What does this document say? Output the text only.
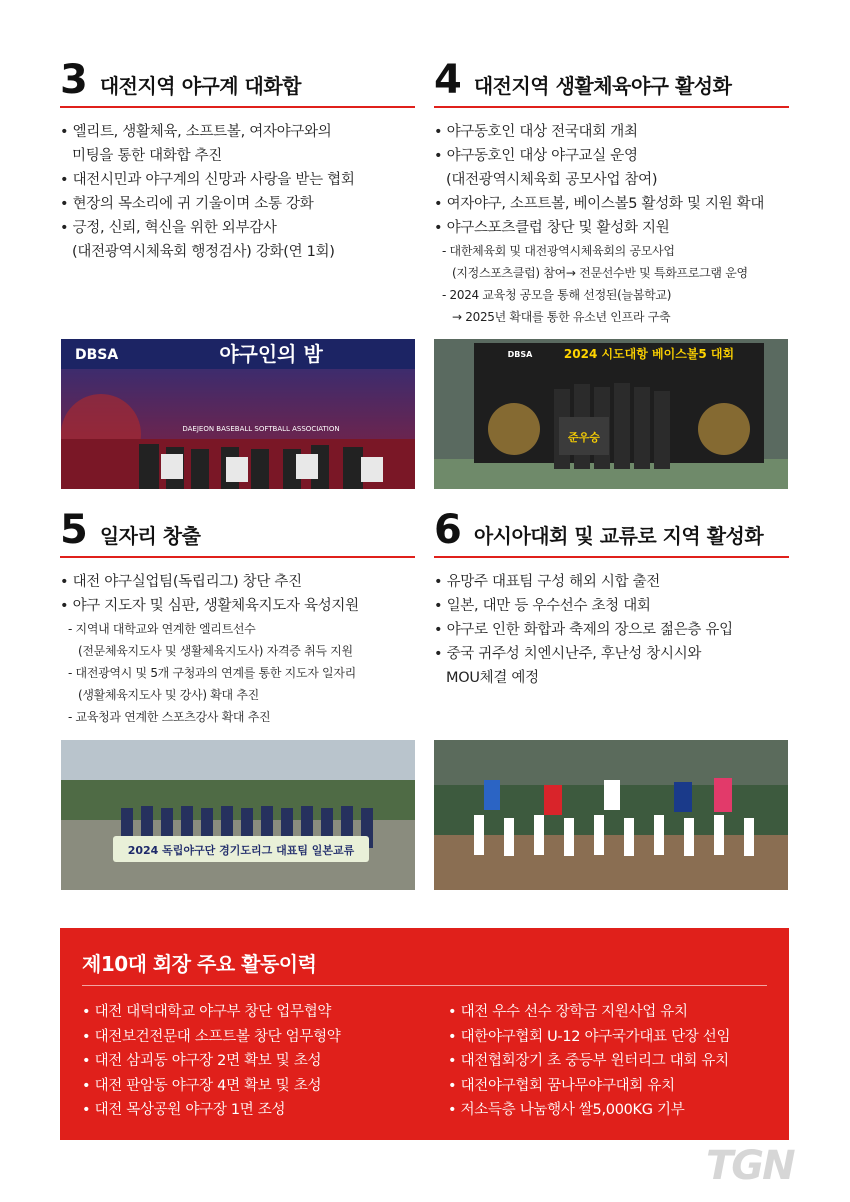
3 대전지역 야구계 대화합
• 엘리트, 생활체육, 소프트볼, 여자야구와의
미팅을 통한 대화합 추진
• 대전시민과 야구계의 신망과 사랑을 받는 협회
• 현장의 목소리에 귀 기울이며 소통 강화
• 긍정, 신뢰, 혁신을 위한 외부감사
(대전광역시체육회 행정검사) 강화(연 1회)
4 대전지역 생활체육야구 활성화
• 야구동호인 대상 전국대회 개최
• 야구동호인 대상 야구교실 운영
(대전광역시체육회 공모사업 참여)
• 여자야구, 소프트볼, 베이스볼5 활성화 및 지원 확대
• 야구스포츠클럽 창단 및 활성화 지원
- 대한체육회 및 대전광역시체육회의 공모사업
(지정스포츠클럽) 참여→ 전문선수반 및 특화프로그램 운영
- 2024 교육청 공모을 통해 선정된(늘봄학교)
→ 2025년 확대를 통한 유소년 인프라 구축
DBSA	야구인의 밤
DAEJEON BASEBALL SOFTBALL ASSOCIATION
준우승
DBSA	2024 시도대항 베이스볼5 대회
5 일자리 창출
• 대전 야구실업팀(독립리그) 창단 추진
• 야구 지도자 및 심판, 생활체육지도자 육성지원
- 지역내 대학교와 연계한 엘리트선수
(전문체육지도사 및 생활체육지도사) 자격증 취득 지원
- 대전광역시 및 5개 구청과의 연계를 통한 지도자 일자리
(생활체육지도사 및 강사) 확대 추진
- 교육청과 연계한 스포츠강사 확대 추진
6 아시아대회 및 교류로 지역 활성화
• 유망주 대표팀 구성 해외 시합 출전
• 일본, 대만 등 우수선수 초청 대회
• 야구로 인한 화합과 축제의 장으로 젊은층 유입
• 중국 귀주성 치엔시난주, 후난성 창시시와
MOU체결 예정
2024 독립야구단 경기도리그 대표팀 일본교류
제10대 회장 주요 활동이력
• 대전 대덕대학교 야구부 창단 업무협약
• 대전보건전문대 소프트볼 창단 엄무형약
• 대전 삼괴동 야구장 2면 확보 및 초성
• 대전 판암동 야구장 4면 확보 및 초성
• 대전 목상공원 야구장 1면 조성
• 대전 우수 선수 장학금 지원사업 유치
• 대한야구협회 U-12 야구국가대표 단장 선임
• 대전협회장기 초 중등부 윈터리그 대회 유치
• 대전야구협회 꿈나무야구대회 유치
• 저소득층 나눔행사 쌀5,000KG 기부
TGN
